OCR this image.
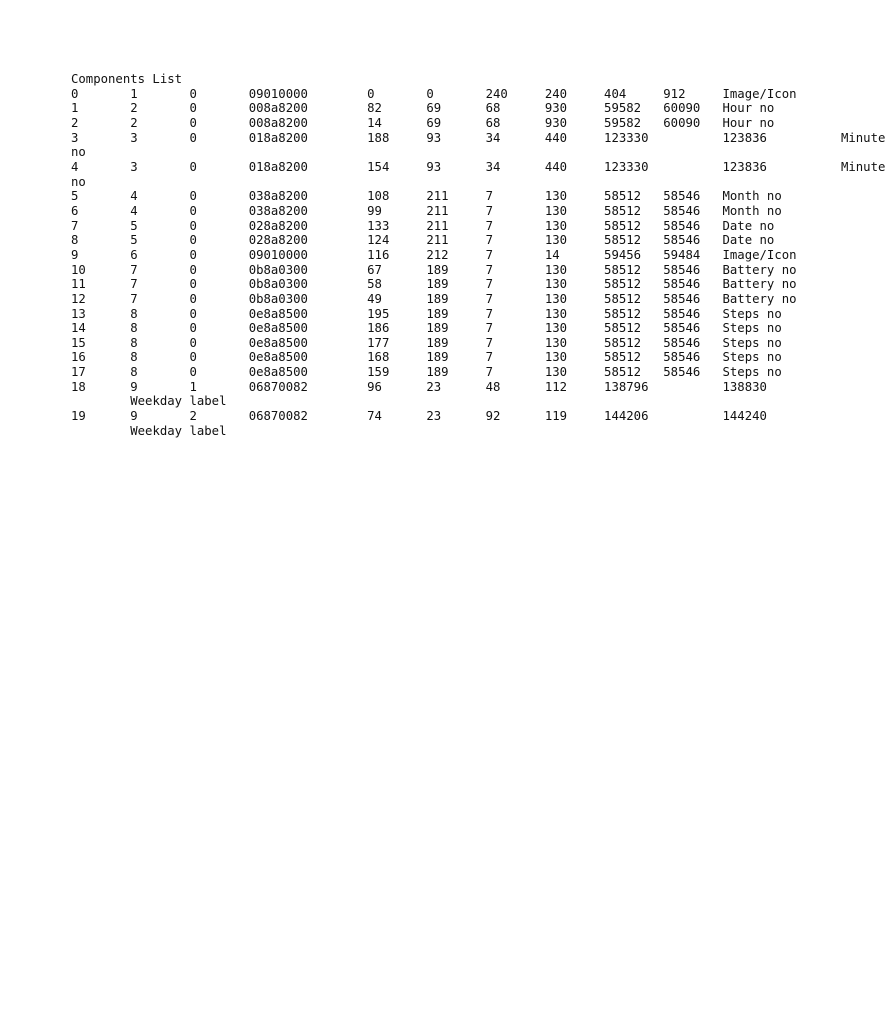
Components List
0	1	0	09010000	0	0	240	240	404	912	Image/Icon
1	2	0	008a8200	82	69	68	930	59582	60090	Hour no
2	2	0	008a8200	14	69	68	930	59582	60090	Hour no
3	3	0	018a8200	188	93	34	440	123330		123836		Minute
no
4	3	0	018a8200	154	93	34	440	123330		123836		Minute
no
5	4	0	038a8200	108	211	7	130	58512	58546	Month no
6	4	0	038a8200	99	211	7	130	58512	58546	Month no
7	5	0	028a8200	133	211	7	130	58512	58546	Date no
8	5	0	028a8200	124	211	7	130	58512	58546	Date no
9	6	0	09010000	116	212	7	14	59456	59484	Image/Icon
10	7	0	0b8a0300	67	189	7	130	58512	58546	Battery no
11	7	0	0b8a0300	58	189	7	130	58512	58546	Battery no
12	7	0	0b8a0300	49	189	7	130	58512	58546	Battery no
13	8	0	0e8a8500	195	189	7	130	58512	58546	Steps no
14	8	0	0e8a8500	186	189	7	130	58512	58546	Steps no
15	8	0	0e8a8500	177	189	7	130	58512	58546	Steps no
16	8	0	0e8a8500	168	189	7	130	58512	58546	Steps no
17	8	0	0e8a8500	159	189	7	130	58512	58546	Steps no
18	9	1	06870082	96	23	48	112	138796		138830
	Weekday label
19	9	2	06870082	74	23	92	119	144206		144240
	Weekday label
